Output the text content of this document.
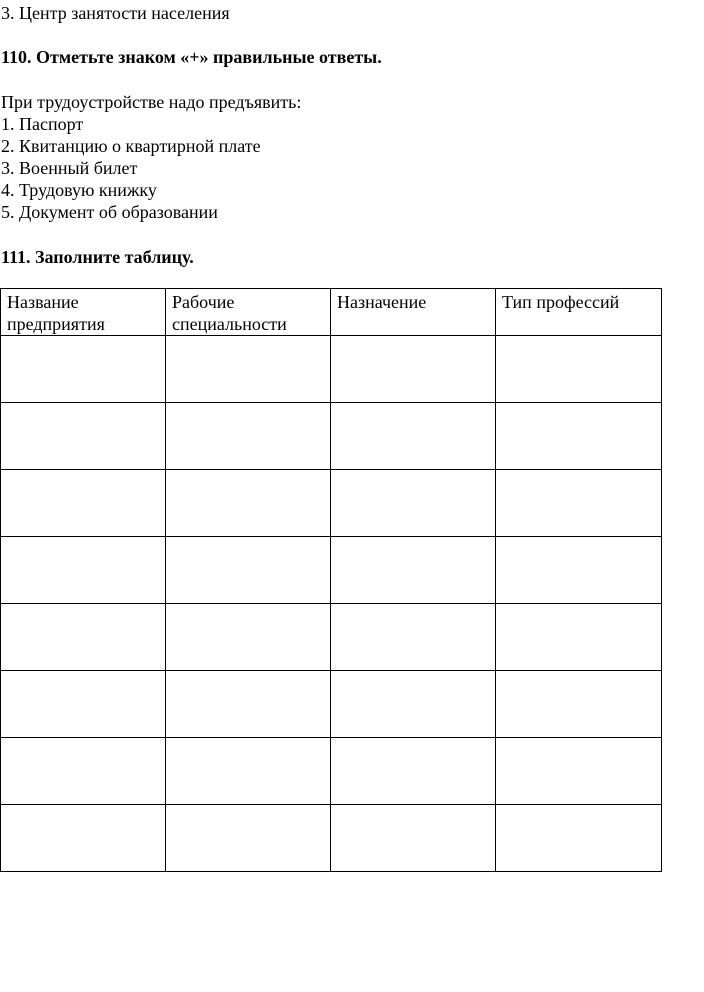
3. Центр занятости населения
110. Отметьте знаком «+» правильные ответы.
При трудоустройстве надо предъявить:
1. Паспорт
2. Квитанцию о квартирной плате
3. Военный билет
4. Трудовую книжку
5. Документ об образовании
111. Заполните таблицу.
Название предприятия	Рабочие специальности	Назначение	Тип профессий
